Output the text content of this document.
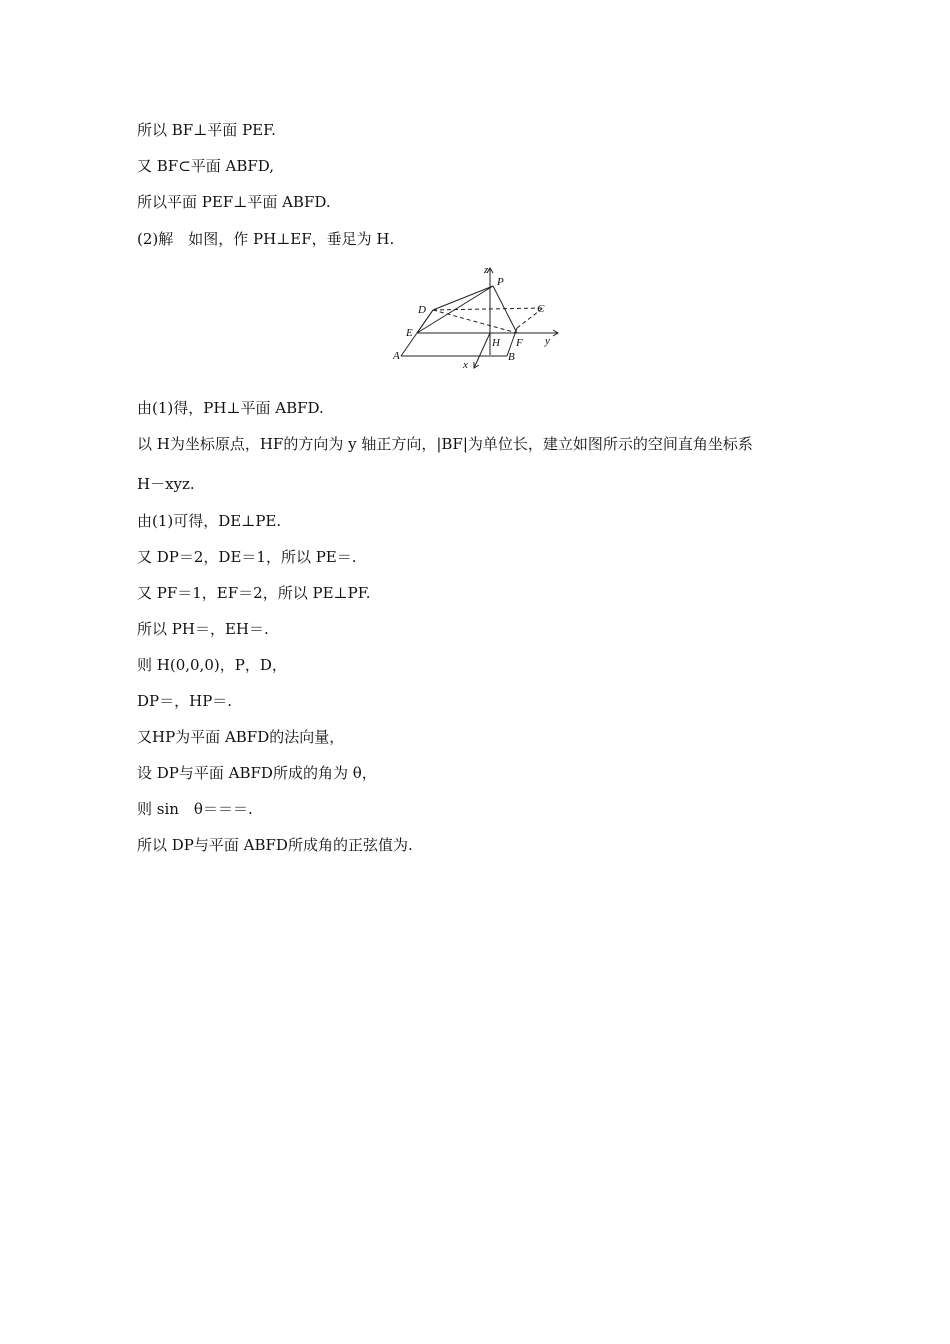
所以 BF⊥平面 PEF.
又 BF⊂平面 ABFD,
所以平面 PEF⊥平面 ABFD.
(2)解　如图，作 PH⊥EF，垂足为 H.
z
P
D	C
E
y
A
H F
B
x
由(1)得，PH⊥平面 ABFD.
以 H为坐标原点，HF的方向为 y 轴正方向，|BF|为单位长，建立如图所示的空间直角坐标系
H－xyz.
由(1)可得，DE⊥PE.
又 DP＝2，DE＝1，所以 PE＝.
又 PF＝1，EF＝2，所以 PE⊥PF.
所以 PH＝，EH＝.
则 H(0,0,0)，P，D，
DP＝，HP＝.
又HP为平面 ABFD的法向量，
设 DP与平面 ABFD所成的角为 θ，
则 sin　θ＝＝＝.
所以 DP与平面 ABFD所成角的正弦值为.
